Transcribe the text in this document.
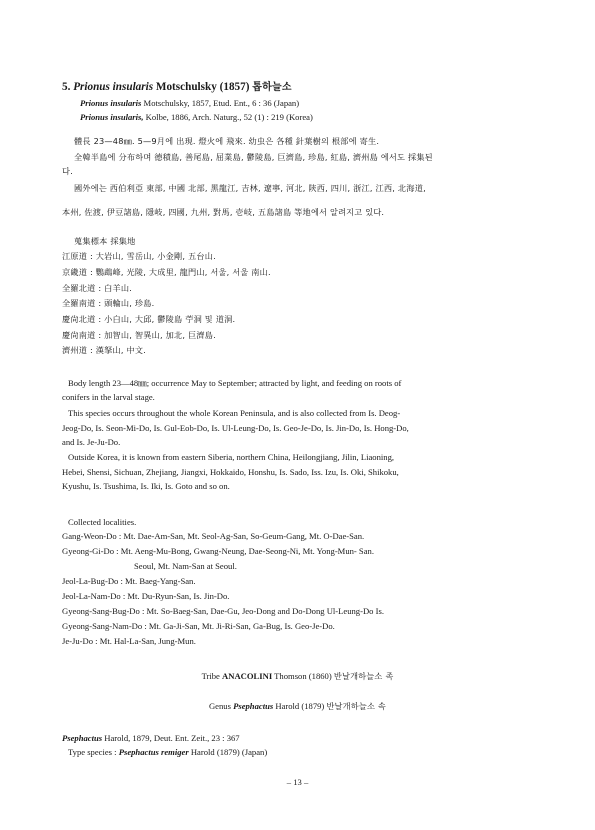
5. Prionus insularis Motschulsky (1857) 톱하늘소
Prionus insularis Motschulsky, 1857, Etud. Ent., 6 : 36 (Japan)
Prionus insularis, Kolbe, 1886, Arch. Naturg., 52 (1) : 219 (Korea)
體長 23—48㎜. 5—9月에 出現. 燈火에 飛來. 幼虫은 各種 針葉樹의 根部에 寄生.
全韓半島에 分布하며 德積島, 善尾島, 屈業島, 鬱陵島, 巨濟島, 珍島, 紅島, 濟州島 에서도 採集된
다.
國外에는 西伯利亞 東部, 中國 北部, 黑龍江, 吉林, 遼寧, 河北, 陝西, 四川, 浙江, 江西, 北海道,
本州, 佐渡, 伊豆諸島, 隱岐, 四國, 九州, 對馬, 壱岐, 五島諸島 等地에서 알려지고 있다.
蒐集標本 採集地
江原道 : 大岩山, 雪岳山, 小金剛, 五台山.
京畿道 : 鸚鵡峰, 光陵, 大成里, 龍門山, 서울, 서울 南山.
全羅北道 : 白羊山.
全羅南道 : 頭輪山, 珍島.
慶尙北道 : 小白山, 大邱, 鬱陵島 苧洞 및 道洞.
慶尙南道 : 加智山, 智異山, 加北, 巨濟島.
濟州道 : 漢拏山, 中文.
Body length 23—48㎜; occurrence May to September; attracted by light, and feeding on roots of
conifers in the larval stage.
This species occurs throughout the whole Korean Peninsula, and is also collected from Is. Deog-
Jeog-Do, Is. Seon-Mi-Do, Is. Gul-Eob-Do, Is. Ul-Leung-Do, Is. Geo-Je-Do, Is. Jin-Do, Is. Hong-Do,
and Is. Je-Ju-Do.
Outside Korea, it is known from eastern Siberia, northern China, Heilongjiang, Jilin, Liaoning,
Hebei, Shensi, Sichuan, Zhejiang, Jiangxi, Hokkaido, Honshu, Is. Sado, Iss. Izu, Is. Oki, Shikoku,
Kyushu, Is. Tsushima, Is. Iki, Is. Goto and so on.
Collected localities.
Gang-Weon-Do : Mt. Dae-Am-San, Mt. Seol-Ag-San, So-Geum-Gang, Mt. O-Dae-San.
Gyeong-Gi-Do : Mt. Aeng-Mu-Bong, Gwang-Neung, Dae-Seong-Ni, Mt. Yong-Mun- San.
Seoul, Mt. Nam-San at Seoul.
Jeol-La-Bug-Do : Mt. Baeg-Yang-San.
Jeol-La-Nam-Do : Mt. Du-Ryun-San, Is. Jin-Do.
Gyeong-Sang-Bug-Do : Mt. So-Baeg-San, Dae-Gu, Jeo-Dong and Do-Dong Ul-Leung-Do Is.
Gyeong-Sang-Nam-Do : Mt. Ga-Ji-San, Mt. Ji-Ri-San, Ga-Bug, Is. Geo-Je-Do.
Je-Ju-Do : Mt. Hal-La-San, Jung-Mun.
Tribe ANACOLINI Thomson (1860) 반날개하늘소 족
Genus Psephactus Harold (1879) 반날개하늘소 속
Psephactus Harold, 1879, Deut. Ent. Zeit., 23 : 367
Type species : Psephactus remiger Harold (1879) (Japan)
– 13 –
